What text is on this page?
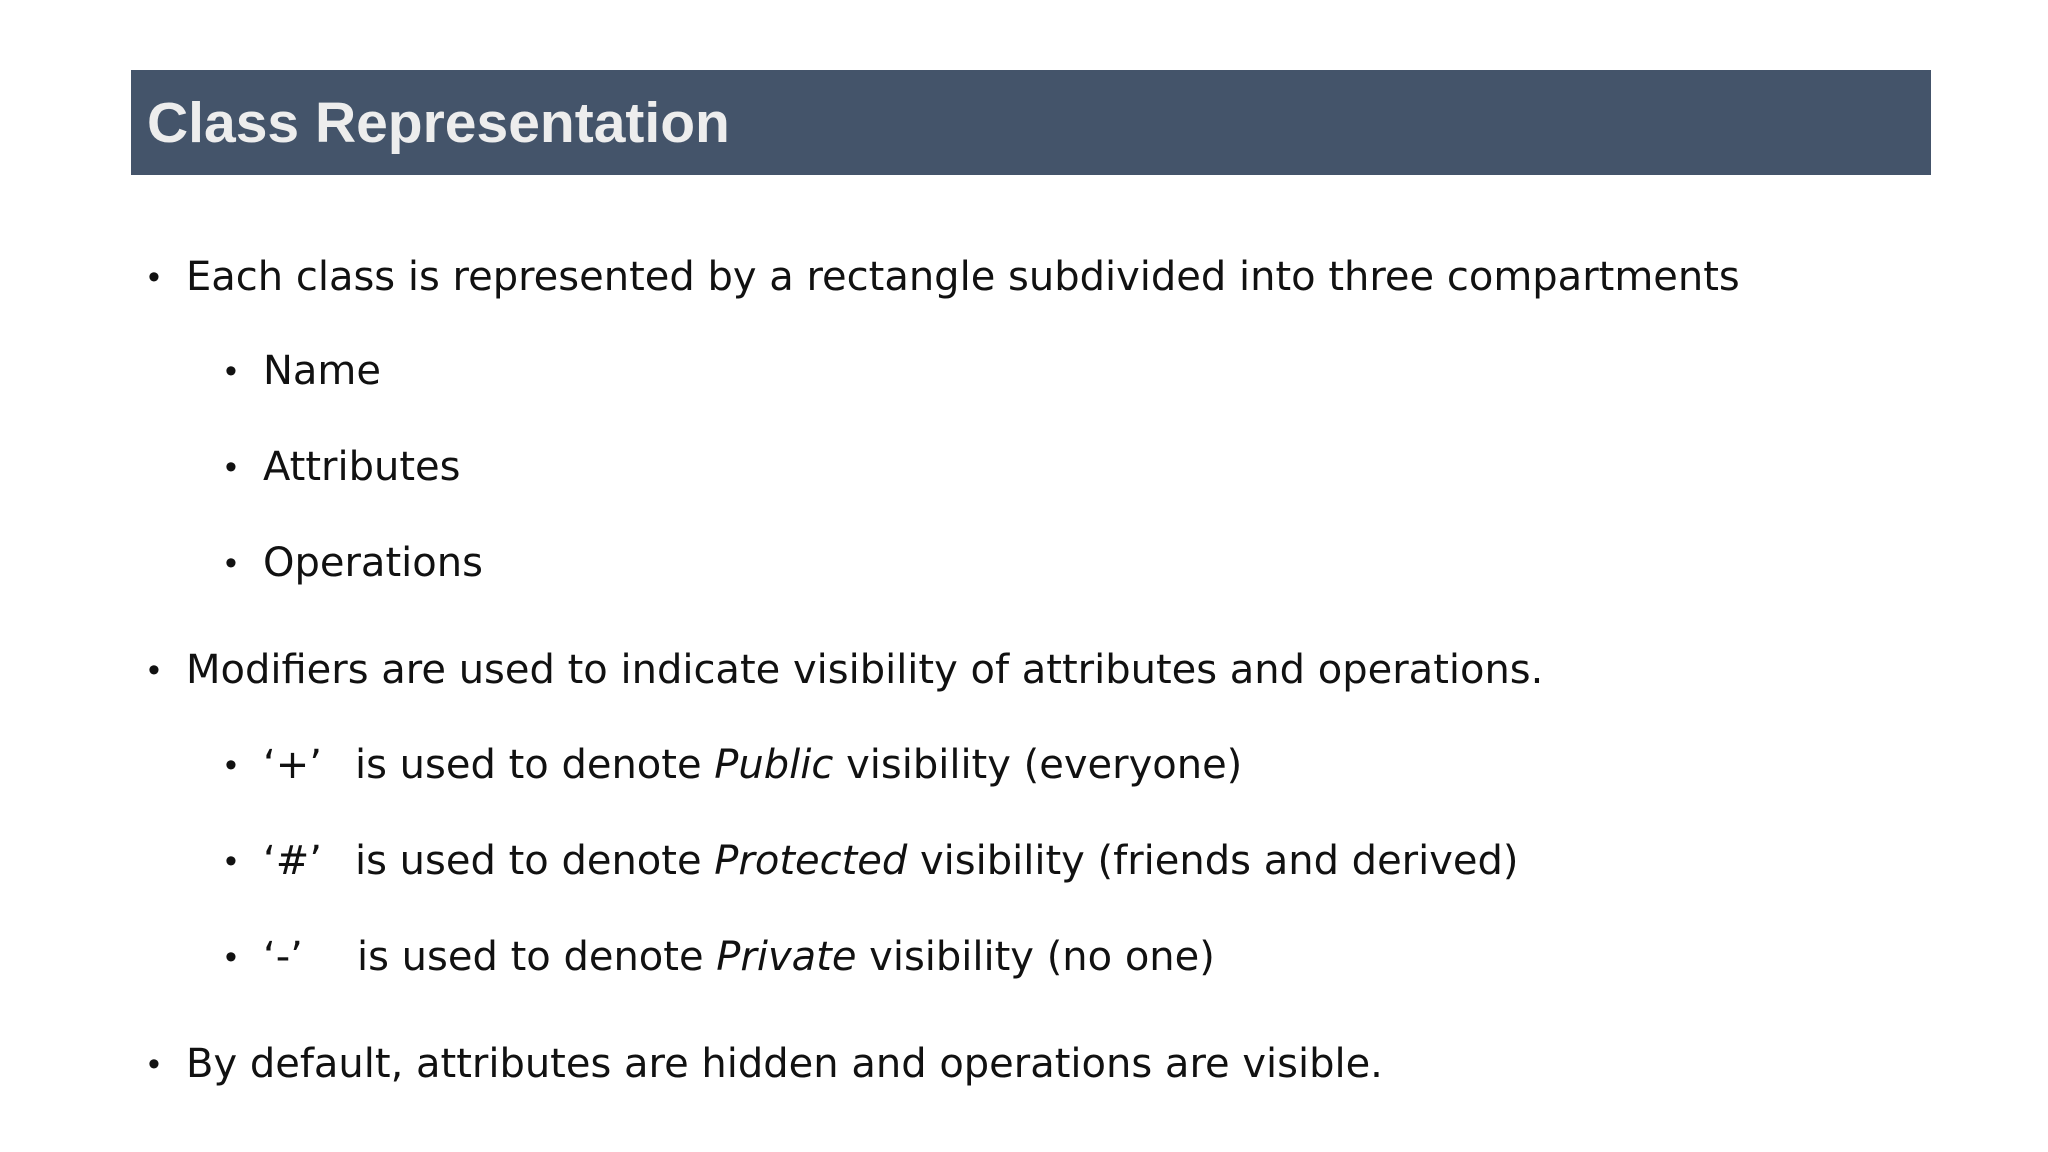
Class Representation
• Each class is represented by a rectangle subdivided into three compartments
• Name
• Attributes
• Operations
• Modifiers are used to indicate visibility of attributes and operations.
• ‘+’ is used to denote Public visibility (everyone)
• ‘#’ is used to denote Protected visibility (friends and derived)
• ‘-’ is used to denote Private visibility (no one)
• By default, attributes are hidden and operations are visible.
